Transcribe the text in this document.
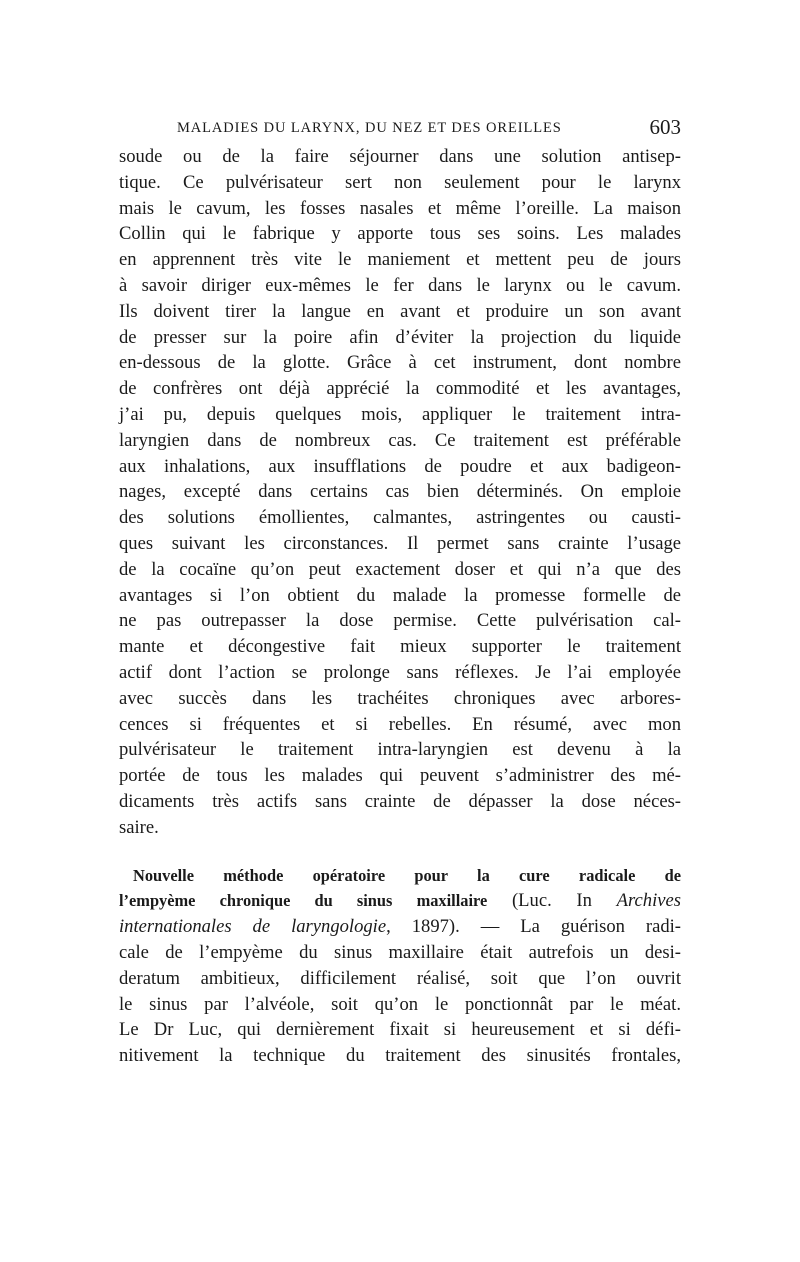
MALADIES DU LARYNX, DU NEZ ET DES OREILLES	603
soude ou de la faire séjourner dans une solution antisep-
tique. Ce pulvérisateur sert non seulement pour le larynx
mais le cavum, les fosses nasales et même l’oreille. La maison
Collin qui le fabrique y apporte tous ses soins. Les malades
en apprennent très vite le maniement et mettent peu de jours
à savoir diriger eux-mêmes le fer dans le larynx ou le cavum.
Ils doivent tirer la langue en avant et produire un son avant
de presser sur la poire afin d’éviter la projection du liquide
en-dessous de la glotte. Grâce à cet instrument, dont nombre
de confrères ont déjà apprécié la commodité et les avantages,
j’ai pu, depuis quelques mois, appliquer le traitement intra-
laryngien dans de nombreux cas. Ce traitement est préférable
aux inhalations, aux insufflations de poudre et aux badigeon-
nages, excepté dans certains cas bien déterminés. On emploie
des solutions émollientes, calmantes, astringentes ou causti-
ques suivant les circonstances. Il permet sans crainte l’usage
de la cocaïne qu’on peut exactement doser et qui n’a que des
avantages si l’on obtient du malade la promesse formelle de
ne pas outrepasser la dose permise. Cette pulvérisation cal-
mante et décongestive fait mieux supporter le traitement
actif dont l’action se prolonge sans réflexes. Je l’ai employée
avec succès dans les trachéites chroniques avec arbores-
cences si fréquentes et si rebelles. En résumé, avec mon
pulvérisateur le traitement intra-laryngien est devenu à la
portée de tous les malades qui peuvent s’administrer des mé-
dicaments très actifs sans crainte de dépasser la dose néces-
saire.
Nouvelle méthode opératoire pour la cure radicale de
l’empyème chronique du sinus maxillaire (Luc. In Archives
internationales de laryngologie, 1897). — La guérison radi-
cale de l’empyème du sinus maxillaire était autrefois un desi-
deratum ambitieux, difficilement réalisé, soit que l’on ouvrit
le sinus par l’alvéole, soit qu’on le ponctionnât par le méat.
Le Dr Luc, qui dernièrement fixait si heureusement et si défi-
nitivement la technique du traitement des sinusités frontales,
